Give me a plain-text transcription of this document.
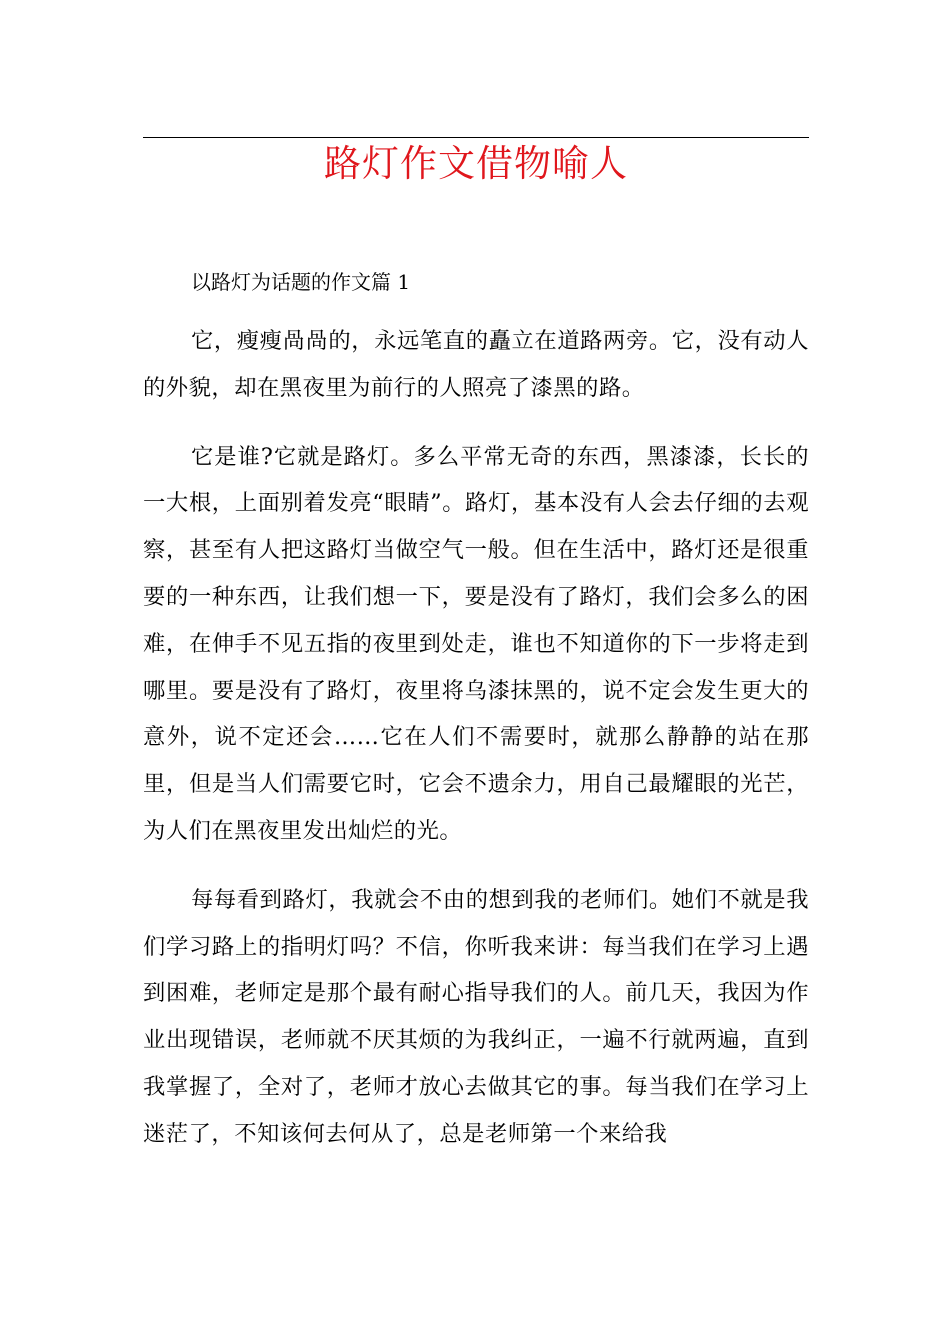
路灯作文借物喻人

以路灯为话题的作文篇 1

它，瘦瘦咼咼的，永远笔直的矗立在道路两旁。它，没有动人的外貌，却在黑夜里为前行的人照亮了漆黑的路。

它是谁?它就是路灯。多么平常无奇的东西，黑漆漆，长长的一大根，上面别着发亮“眼睛”。路灯，基本没有人会去仔细的去观察，甚至有人把这路灯当做空气一般。但在生活中，路灯还是很重要的一种东西，让我们想一下，要是没有了路灯，我们会多么的困难，在伸手不见五指的夜里到处走，谁也不知道你的下一步将走到哪里。要是没有了路灯，夜里将乌漆抹黑的，说不定会发生更大的意外，说不定还会……它在人们不需要时，就那么静静的站在那里，但是当人们需要它时，它会不遗余力，用自己最耀眼的光芒，为人们在黑夜里发出灿烂的光。

每每看到路灯，我就会不由的想到我的老师们。她们不就是我们学习路上的指明灯吗？不信，你听我来讲：每当我们在学习上遇到困难，老师定是那个最有耐心指导我们的人。前几天，我因为作业出现错误，老师就不厌其烦的为我纠正，一遍不行就两遍，直到我掌握了，全对了，老师才放心去做其它的事。每当我们在学习上迷茫了，不知该何去何从了，总是老师第一个来给我
